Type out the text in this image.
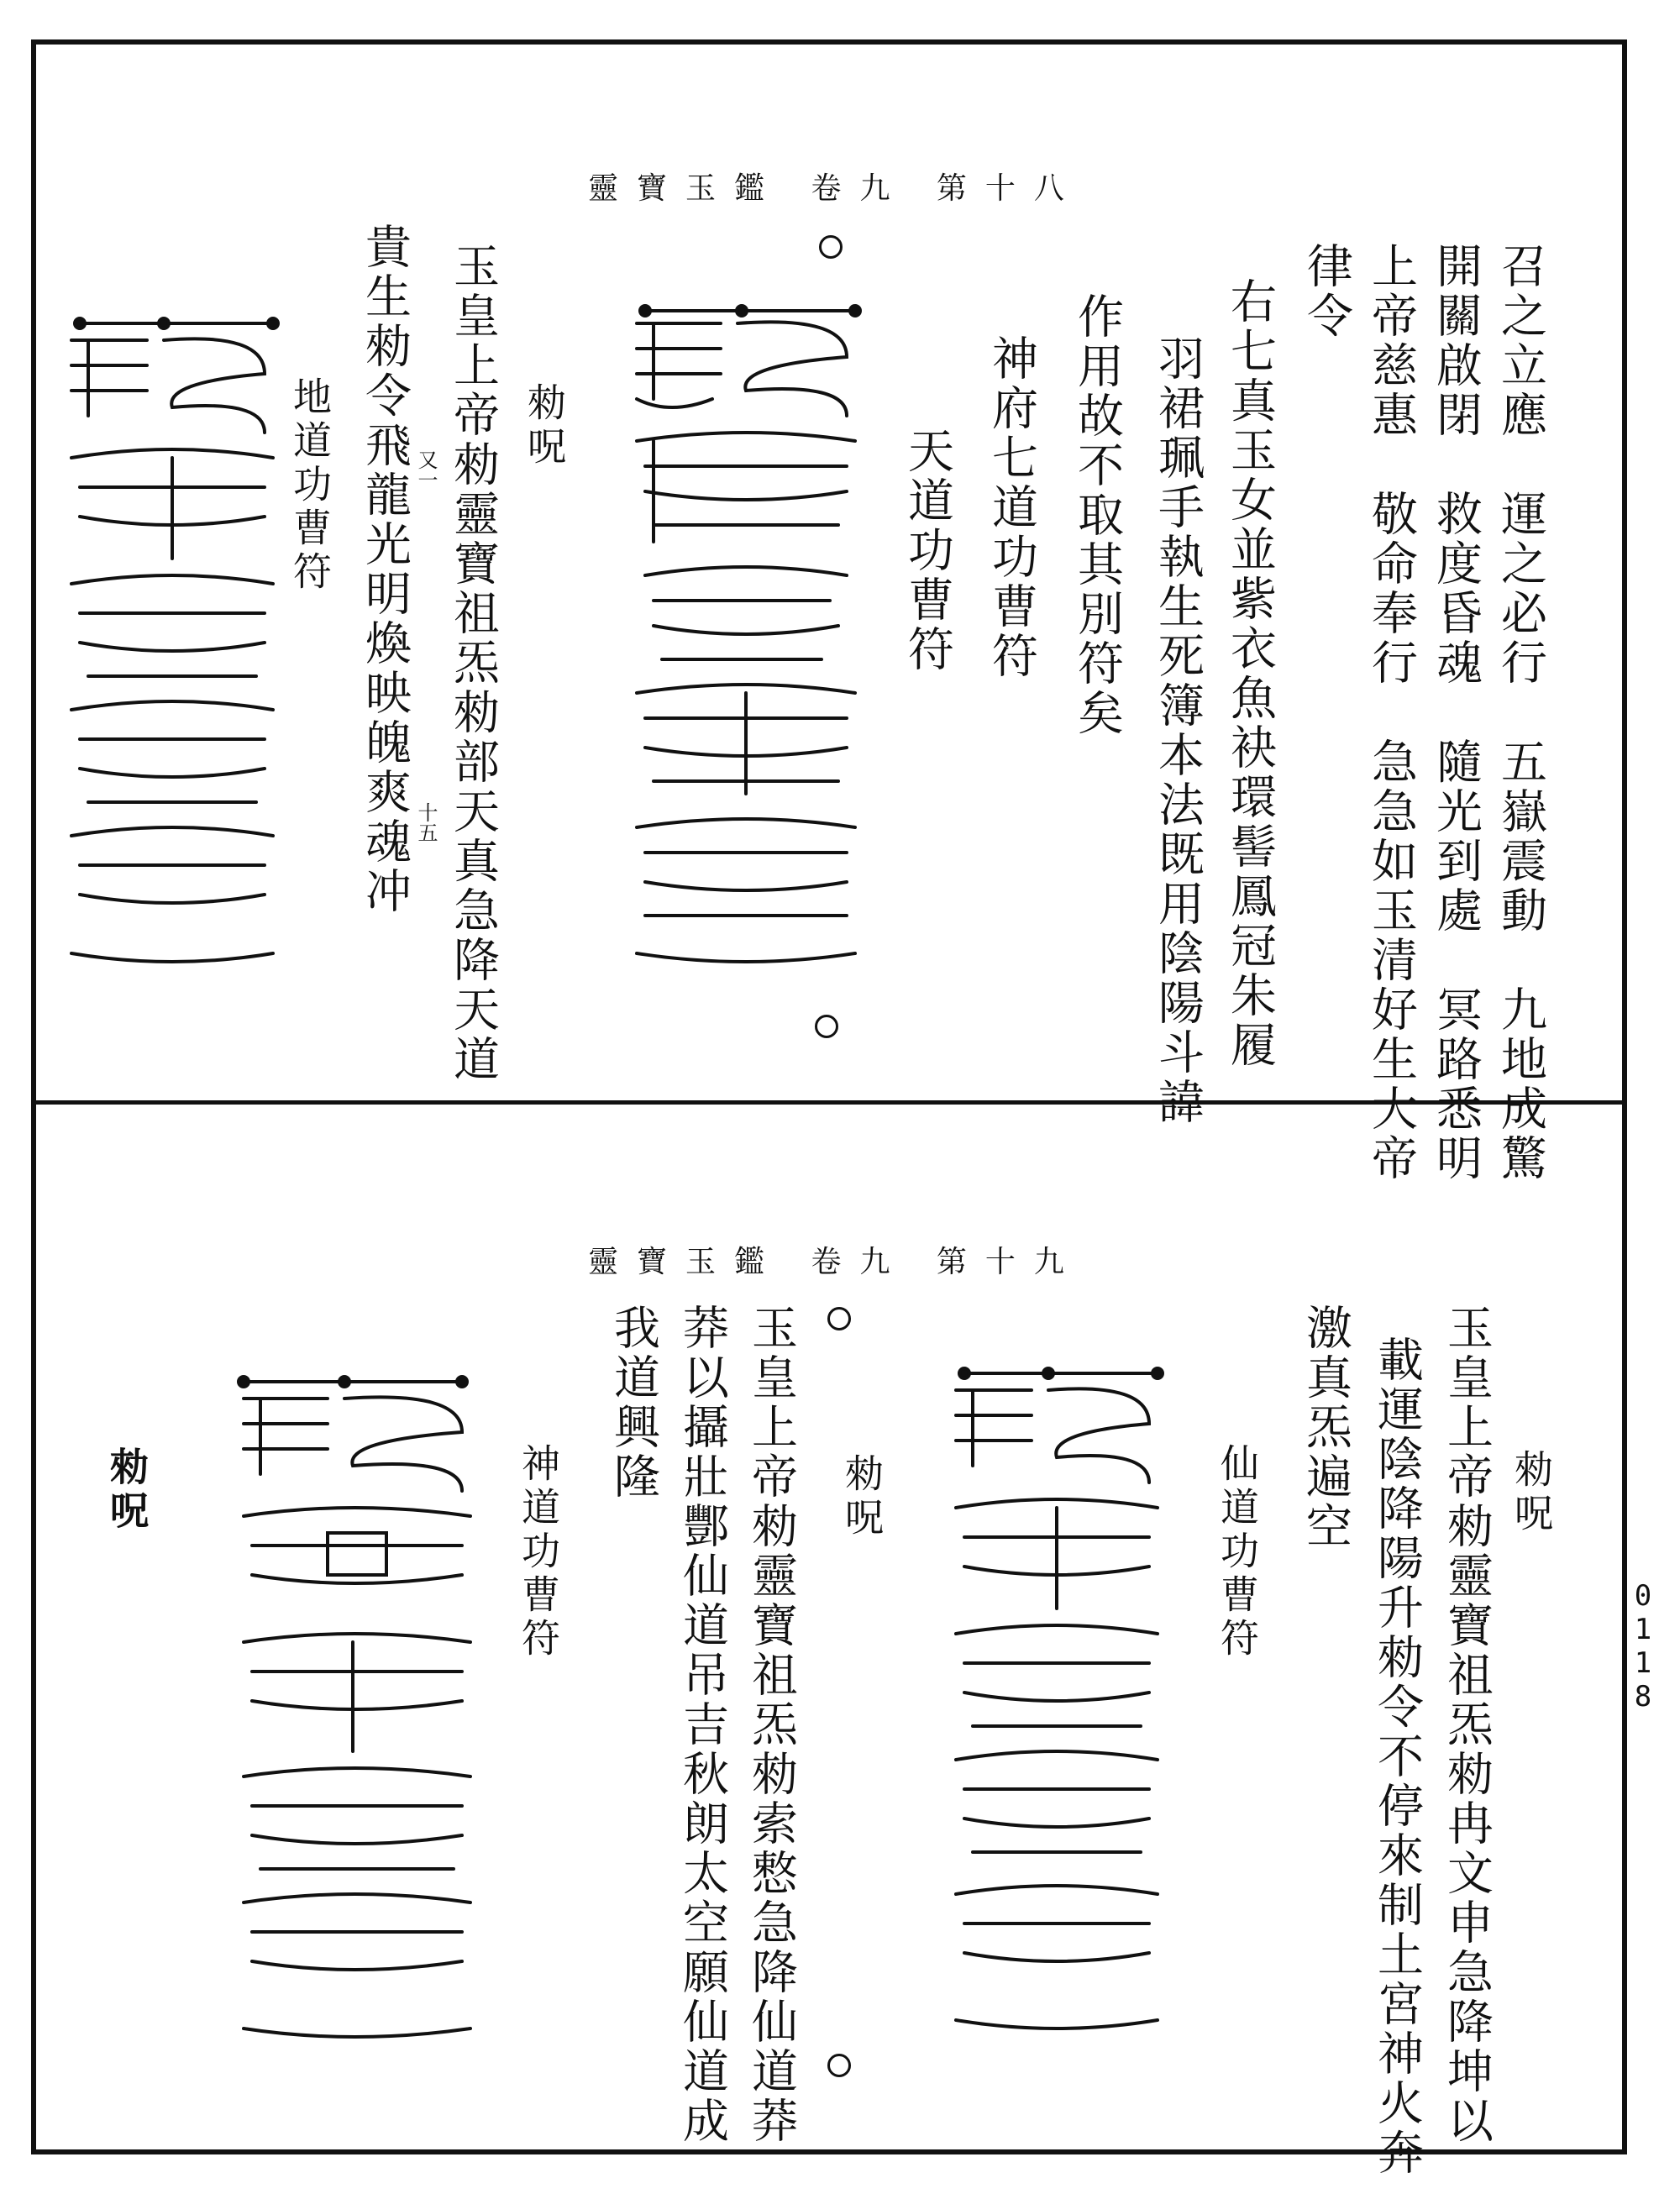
靈寶玉鑑 卷九 第十八
召之立應　運之必行　五嶽震動　九地成驚
開關啟閉　救度昏魂　隨光到處　冥路悉明
上帝慈惠　敬命奉行　急急如玉清好生大帝
律令
右七真玉女並紫衣魚袂環髻鳳冠朱履
羽裙珮手執生死簿本法既用陰陽斗諱
作用故不取其別符矣
神府七道功曹符
天道功曹符
勑呪
玉皇上帝勑靈寶祖炁勑部天真急降天道
又一
十五
貴生勑令飛龍光明煥映魄爽魂冲
地道功曹符
靈寶玉鑑 卷九 第十九
勑呪
玉皇上帝勑靈寶祖炁勑冉文申急降坤以
載運陰降陽升勑令不停來制土宮神火奔
激真炁遍空
仙道功曹符
勑呪
玉皇上帝勑靈寶祖炁勑索慗急降仙道莽
莽以攝壯酆仙道吊吉秋朗太空願仙道成
我道興隆
神道功曹符
勑呪
0118
